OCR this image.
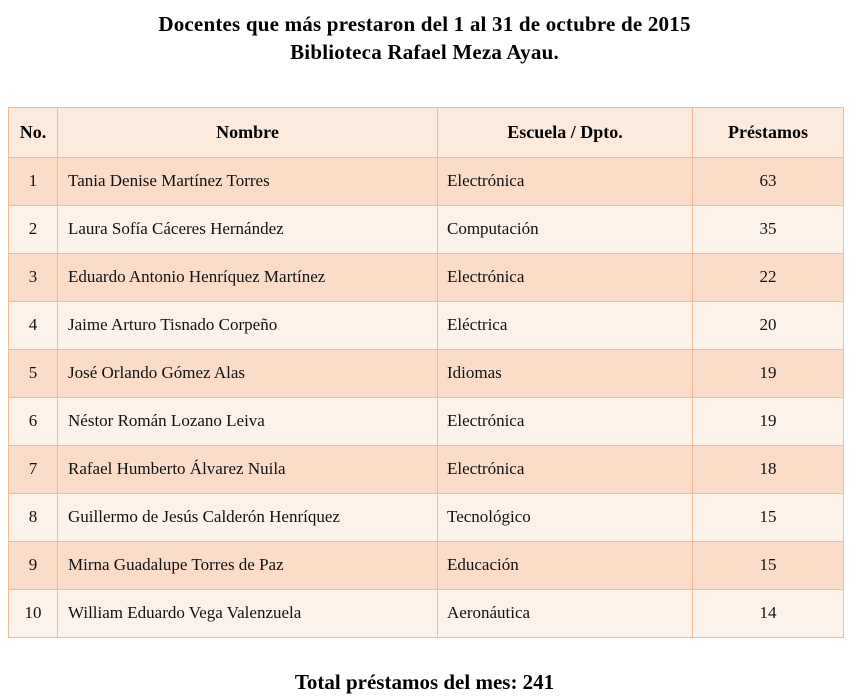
Docentes que más prestaron del 1 al 31 de octubre de 2015
Biblioteca Rafael Meza Ayau.
No.	Nombre	Escuela / Dpto.	Préstamos
1	Tania Denise Martínez Torres	Electrónica	63
2	Laura Sofía Cáceres Hernández	Computación	35
3	Eduardo Antonio Henríquez Martínez	Electrónica	22
4	Jaime Arturo Tisnado Corpeño	Eléctrica	20
5	José Orlando Gómez Alas	Idiomas	19
6	Néstor Román Lozano Leiva	Electrónica	19
7	Rafael Humberto Álvarez Nuila	Electrónica	18
8	Guillermo de Jesús Calderón Henríquez	Tecnológico	15
9	Mirna Guadalupe Torres de Paz	Educación	15
10	William Eduardo Vega Valenzuela	Aeronáutica	14
Total préstamos del mes: 241
